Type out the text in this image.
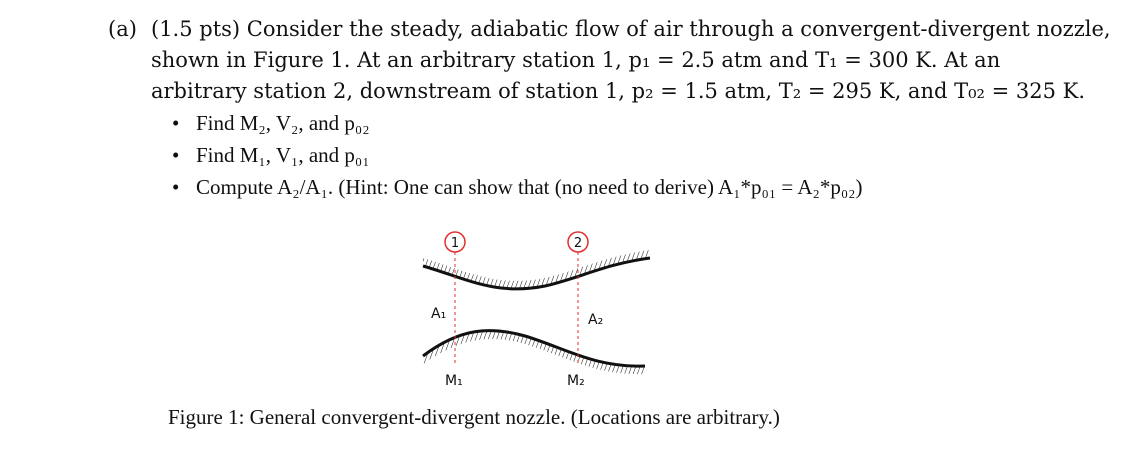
(a) (1.5 pts) Consider the steady, adiabatic flow of air through a convergent-divergent nozzle,
shown in Figure 1. At an arbitrary station 1, p₁ = 2.5 atm and T₁ = 300 K. At an
arbitrary station 2, downstream of station 1, p₂ = 1.5 atm, T₂ = 295 K, and T₀₂ = 325 K.
• Find M₂, V₂, and p₀₂
• Find M₁, V₁, and p₀₁
• Compute A₂/A₁. (Hint: One can show that (no need to derive) A₁*p₀₁ = A₂*p₀₂)
1	2
A₁	A₂
M₁	M₂
Figure 1: General convergent-divergent nozzle. (Locations are arbitrary.)
